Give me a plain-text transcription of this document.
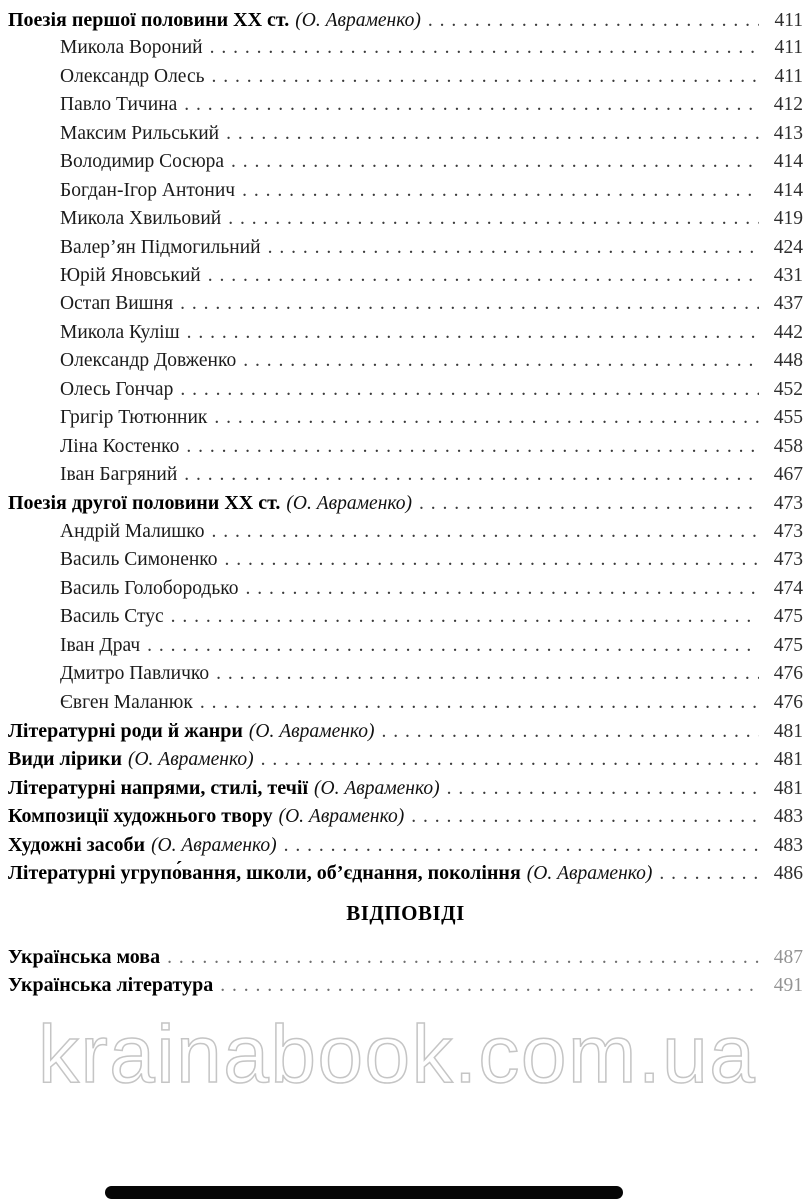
Поезія першої половини XX ст. (О. Авраменко) . . .	411
Микола Вороний . . .	411
Олександр Олесь . . .	411
Павло Тичина . . .	412
Максим Рильський . . .	413
Володимир Сосюра . . .	414
Богдан-Ігор Антонич . . .	414
Микола Хвильовий . . .	419
Валер’ян Підмогильний . . .	424
Юрій Яновський . . .	431
Остап Вишня . . .	437
Микола Куліш . . .	442
Олександр Довженко . . .	448
Олесь Гончар . . .	452
Григір Тютюнник . . .	455
Ліна Костенко . . .	458
Іван Багряний . . .	467
Поезія другої половини XX ст. (О. Авраменко) . . .	473
Андрій Малишко . . .	473
Василь Симоненко . . .	473
Василь Голобородько . . .	474
Василь Стус . . .	475
Іван Драч . . .	475
Дмитро Павличко . . .	476
Євген Маланюк . . .	476
Літературні роди й жанри (О. Авраменко) . . .	481
Види лірики (О. Авраменко) . . .	481
Літературні напрями, стилі, течії (О. Авраменко) . . .	481
Композиції художнього твору (О. Авраменко) . . .	483
Художні засоби (О. Авраменко) . . .	483
Літературні угрупо́вання, школи, об’єднання, покоління (О. Авраменко) . . .	486
ВІДПОВІДІ
Українська мова . . .	487
Українська література . . .	491
krainabook.com.ua
